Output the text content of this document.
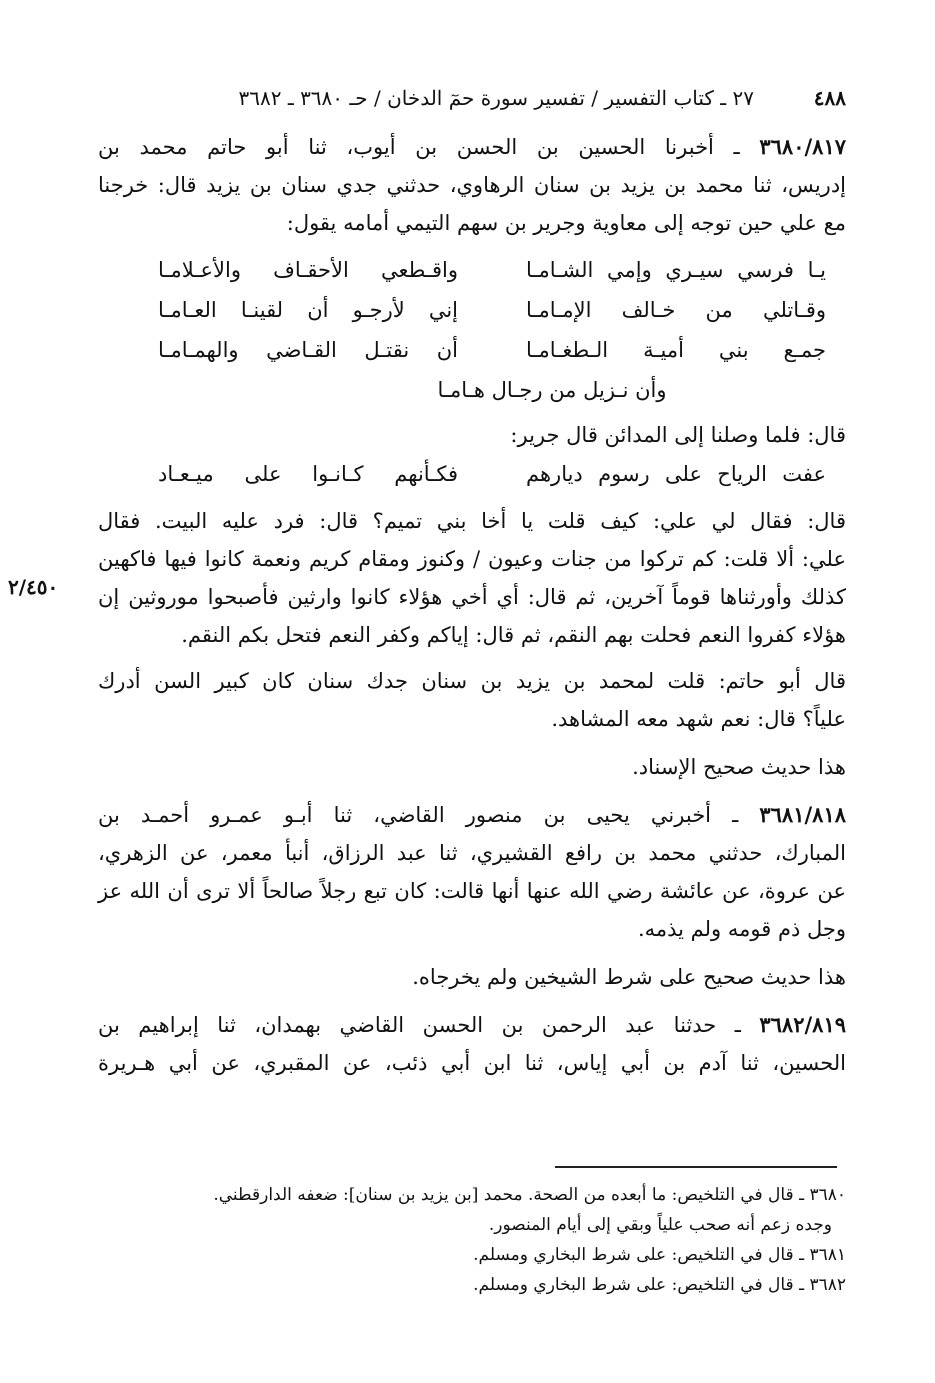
٤٨٨
٢٧ ـ كتاب التفسير / تفسير سورة حمٓ الدخان / حـ ٣٦٨٠ ـ ٣٦٨٢
٣٦٨٠/٨١٧ ـ أخبرنا الحسين بن الحسن بن أيوب، ثنا أبو حاتم محمد بن
إدريس، ثنا محمد بن يزيد بن سنان الرهاوي، حدثني جدي سنان بن يزيد قال: خرجنا
مع علي حين توجه إلى معاوية وجرير بن سهم التيمي أمامه يقول:
يـا فرسي سيـري وإمي الشـامـا
واقـطعي الأحقـاف والأعـلامـا
وقـاتلي من خـالف الإمـامـا
إني لأرجـو أن لقينـا العـامـا
جمـع بني أميـة الـطغـامـا
أن نقتـل القـاضي والهمـامـا
وأن نـزيل من رجـال هـامـا
قال: فلما وصلنا إلى المدائن قال جرير:
عفت الرياح على رسوم ديارهم
فكـأنهم كـانـوا على ميـعـاد
قال: فقال لي علي: كيف قلت يا أخا بني تميم؟ قال: فرد عليه البيت. فقال
علي: ألا قلت: كم تركوا من جنات وعيون / وكنوز ومقام كريم ونعمة كانوا فيها فاكهين
كذلك وأورثناها قوماً آخرين، ثم قال: أي أخي هؤلاء كانوا وارثين فأصبحوا موروثين إن
هؤلاء كفروا النعم فحلت بهم النقم، ثم قال: إياكم وكفر النعم فتحل بكم النقم.
قال أبو حاتم: قلت لمحمد بن يزيد بن سنان جدك سنان كان كبير السن أدرك
علياً؟ قال: نعم شهد معه المشاهد.
هذا حديث صحيح الإسناد.
٣٦٨١/٨١٨ ـ أخبرني يحيى بن منصور القاضي، ثنا أبـو عمـرو أحمـد بن
المبارك، حدثني محمد بن رافع القشيري، ثنا عبد الرزاق، أنبأ معمر، عن الزهري،
عن عروة، عن عائشة رضي الله عنها أنها قالت: كان تبع رجلاً صالحاً ألا ترى أن الله عز
وجل ذم قومه ولم يذمه.
هذا حديث صحيح على شرط الشيخين ولم يخرجاه.
٣٦٨٢/٨١٩ ـ حدثنا عبد الرحمن بن الحسن القاضي بهمدان، ثنا إبراهيم بن
الحسين، ثنا آدم بن أبي إياس، ثنا ابن أبي ذئب، عن المقبري، عن أبي هـريرة
٢/٤٥٠
٣٦٨٠ ـ قال في التلخيص: ما أبعده من الصحة. محمد [بن يزيد بن سنان]: ضعفه الدارقطني.
وجده زعم أنه صحب علياً وبقي إلى أيام المنصور.
٣٦٨١ ـ قال في التلخيص: على شرط البخاري ومسلم.
٣٦٨٢ ـ قال في التلخيص: على شرط البخاري ومسلم.
